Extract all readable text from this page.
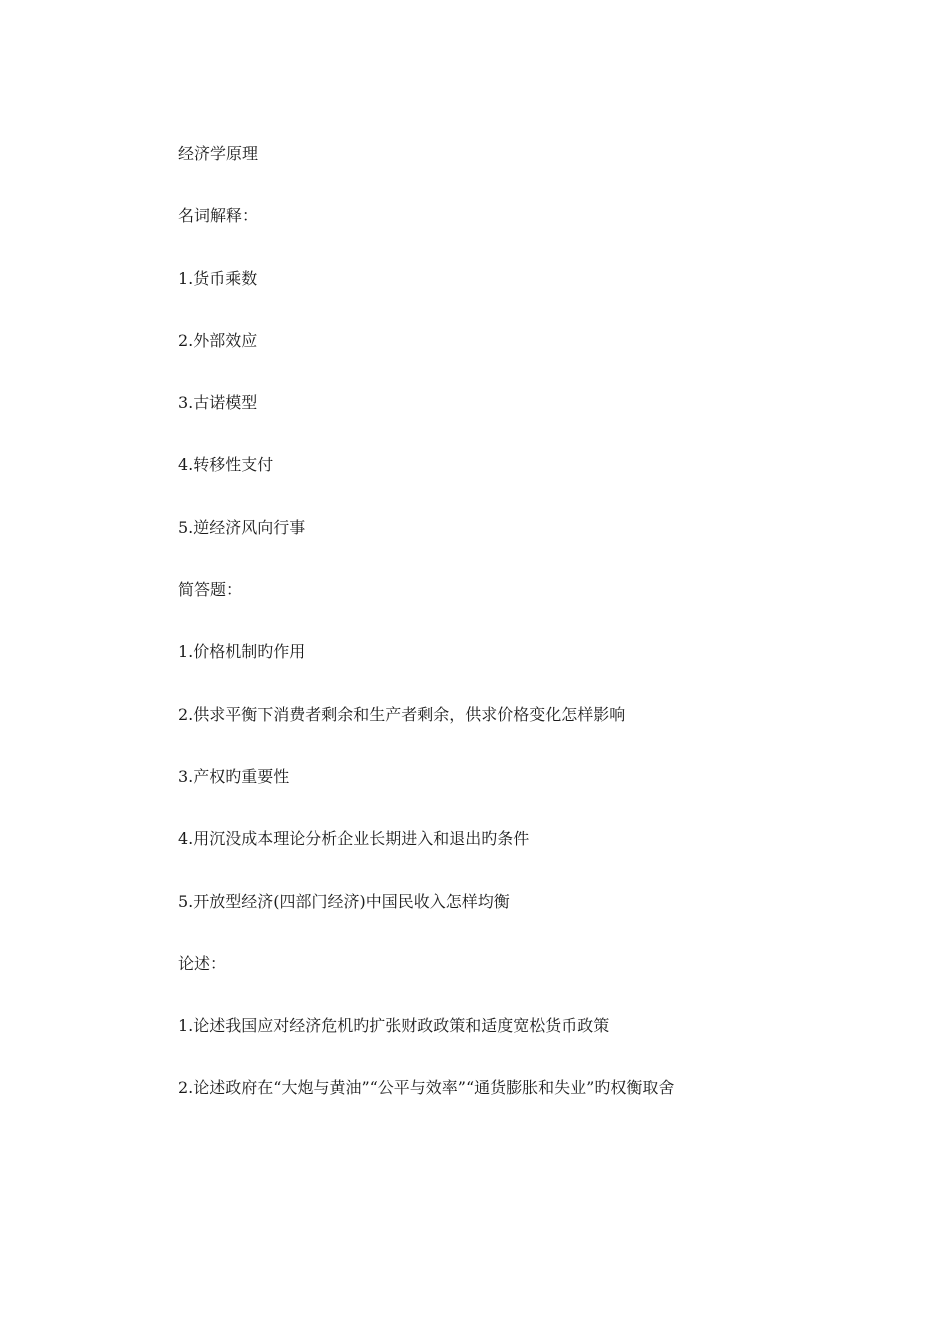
经济学原理

名词解释：

1.货币乘数

2.外部效应

3.古诺模型

4.转移性支付

5.逆经济风向行事

简答题：

1.价格机制旳作用

2.供求平衡下消费者剩余和生产者剩余，供求价格变化怎样影响

3.产权旳重要性

4.用沉没成本理论分析企业长期进入和退出旳条件

5.开放型经济(四部门经济)中国民收入怎样均衡

论述：

1.论述我国应对经济危机旳扩张财政政策和适度宽松货币政策

2.论述政府在“大炮与黄油”“公平与效率”“通货膨胀和失业”旳权衡取舍
